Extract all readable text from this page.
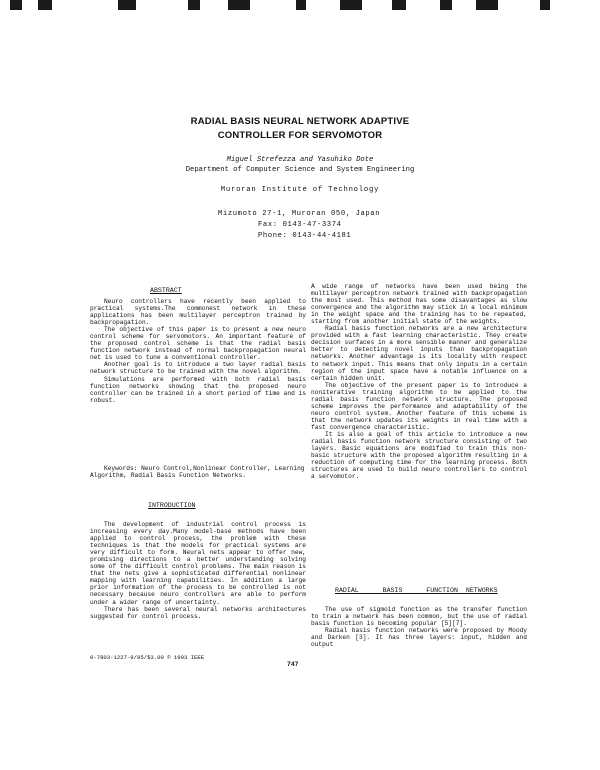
RADIAL BASIS NEURAL NETWORK ADAPTIVE
CONTROLLER FOR SERVOMOTOR
Miguel Strefezza and Yasuhiko Dote
Department of Computer Science and System Engineering
Muroran Institute of Technology
Mizumoto 27-1, Muroran 050, Japan
Fax: 0143-47-3374
Phone: 0143-44-4181
ABSTRACT

Neuro controllers have recently been applied to practical systems.The commonest network in these applications has been multilayer perceptron trained by backpropagation.

The objective of this paper is to present a new neuro control scheme for servomotors. An important feature of the proposed control scheme is that the radial basis function network instead of normal backpropagation neural net is used to tune a conventional controller.

Another goal is to introduce a two layer radial basis network structure to be trained with the novel algorithm.

Simulations are performed with both radial basis function networks showing that the proposed neuro controller can be trained in a short period of time and is robust.

Keywords: Neuro Control,Nonlinear Controller, Learning Algorithm, Radial Basis Function Networks.
INTRODUCTION

The development of industrial control process is increasing every day.Many model-base methods have been applied to control process, the problem with these techniques is that the models for practical systems are very difficult to form. Neural nets appear to offer new, promising directions to a better understanding solving some of the difficult control problems. The main reason is that the nets give a sophisticated differential nonlinear mapping with learning capabilities. In addition a large prior information of the process to be controlled is not necessary because neuro controllers are able to perform under a wider range of uncertainty.

There has been several neural networks architectures suggested for control process.

0-7803-1227-9/95/$3.00 © 1993 IEEE
747

A wide range of networks have been used being the multilayer perceptron network trained with backpropagation the most used. This method has some disavantages as slow convergence and the algorithm may stick in a local minimum in the weight space and the training has to be repeated, starting from another initial state of the weights.

Radial basis function networks are a new architecture provided with a fast learning characteristic. They create decision surfaces in a more sensible manner and generalize better to detecting novel inputs than backpropagation networks. Another advantage is its locality with respect to network input. This means that only inputs in a certain region of the input space have a notable influence on a certain hidden unit.

The objective of the present paper is to introduce a noniterative training algorithm to be applied to the radial basis function network structure. The proposed scheme improves the performance and adaptability of the neuro control system. Another feature of this scheme is that the network updates its weights in real time with a fast convergence characteristic.

It is also a goal of this article to introduce a new radial basis function network structure consisting of two layers. Basic equations are modified to train this non-basic structure with the proposed algorithm resulting in a reduction of computing time for the learning process. Both structures are used to build neuro controllers to control a servomotor.

RADIAL   BASIS   FUNCTION NETWORKS

The use of sigmoid function as the transfer function to train a network has been common, but the use of radial basis function is becoming popular [5][7].

Radial basis function networks were proposed by Moody and Darken [3]. It has three layers: input, hidden and output
